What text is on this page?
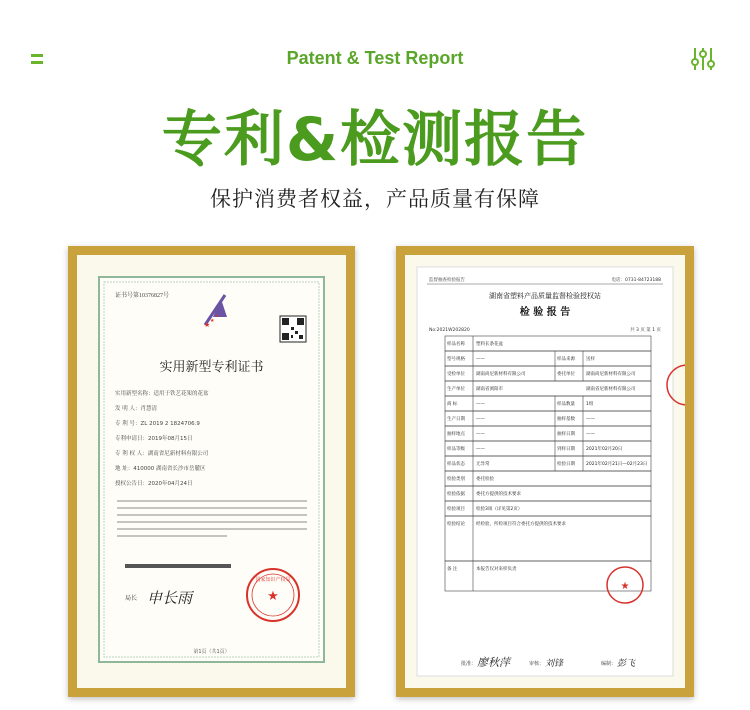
Patent & Test Report
专利&检测报告
保护消费者权益，产品质量有保障
证书号第10376827号
★ ★
★
实用新型专利证书
实用新型名称：适用于铁艺花架的花盆
发 明 人：肖慧清
专 利 号：ZL 2019 2 1824706.9
专利申请日：2019年08月15日
专 利 权 人：湖南省尼新材料有限公司
地 址：410000 湖南省长沙市岳麓区
授权公告日：2020年04月24日
★
国家知识产权局
局长 申长雨
第1页（共1页）
监督抽查检验报告	电话：0731-84723188
湖南省塑料产品质量监督检验授权站
检 验 报 告
No:2021W202820	共 3 页 第 1 页
样品名称 塑料长条花盆
型号规格 ——	样品来源 送样
受检单位 湖南尚尼新材料有限公司	委托单位 湖南尚尼新材料有限公司
生产单位 湖南省浏阳市	湖南省尼新材料有限公司
商 标	——	样品数量 1组
生产日期 ——	抽样基数 ——
抽样地点 ——	抽样日期 ——
样品等级 ——	到样日期 2021年02月20日
样品状态 无异常	检验日期 2021年02月21日—02月23日
检验类别 委托检验
检验依据 委托方提供的技术要求
检验项目 检验3项（详见第2页）
检验结论 经检验，所检项目符合委托方提供的技术要求
备 注	本报告仅对来样负责
★
批准： 廖秋萍	审核： 刘锋	编制： 彭飞
